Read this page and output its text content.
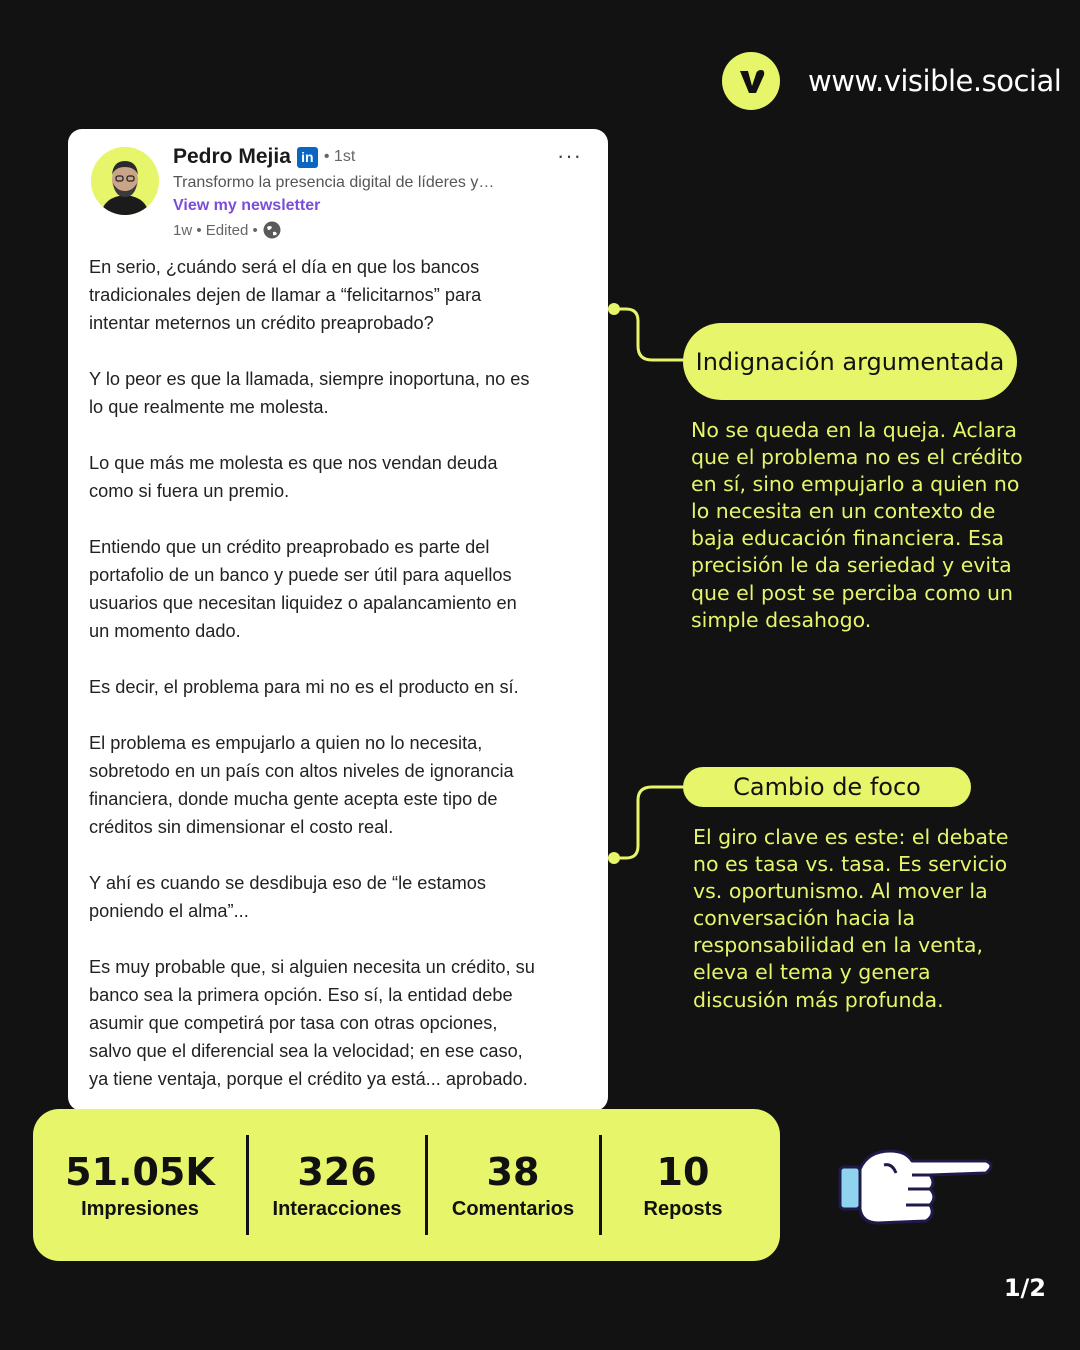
www.visible.social
Pedro Mejia in • 1st
Transformo la presencia digital de líderes y…
View my newsletter
1w • Edited •
···

En serio, ¿cuándo será el día en que los bancos
tradicionales dejen de llamar a “felicitarnos” para
intentar meternos un crédito preaprobado?

Y lo peor es que la llamada, siempre inoportuna, no es
lo que realmente me molesta.

Lo que más me molesta es que nos vendan deuda
como si fuera un premio.

Entiendo que un crédito preaprobado es parte del
portafolio de un banco y puede ser útil para aquellos
usuarios que necesitan liquidez o apalancamiento en
un momento dado.

Es decir, el problema para mi no es el producto en sí.

El problema es empujarlo a quien no lo necesita,
sobretodo en un país con altos niveles de ignorancia
financiera, donde mucha gente acepta este tipo de
créditos sin dimensionar el costo real.

Y ahí es cuando se desdibuja eso de “le estamos
poniendo el alma”...

Es muy probable que, si alguien necesita un crédito, su
banco sea la primera opción. Eso sí, la entidad debe
asumir que competirá por tasa con otras opciones,
salvo que el diferencial sea la velocidad; en ese caso,
ya tiene ventaja, porque el crédito ya está... aprobado.

Indignación argumentada
No se queda en la queja. Aclara que el problema no es el crédito en sí, sino empujarlo a quien no lo necesita en un contexto de baja educación financiera. Esa precisión le da seriedad y evita que el post se perciba como un simple desahogo.
Cambio de foco
El giro clave es este: el debate no es tasa vs. tasa. Es servicio vs. oportunismo. Al mover la conversación hacia la responsabilidad en la venta, eleva el tema y genera discusión más profunda.
51.05K
Impresiones
326
Interacciones
38
Comentarios
10
Reposts
1/2
